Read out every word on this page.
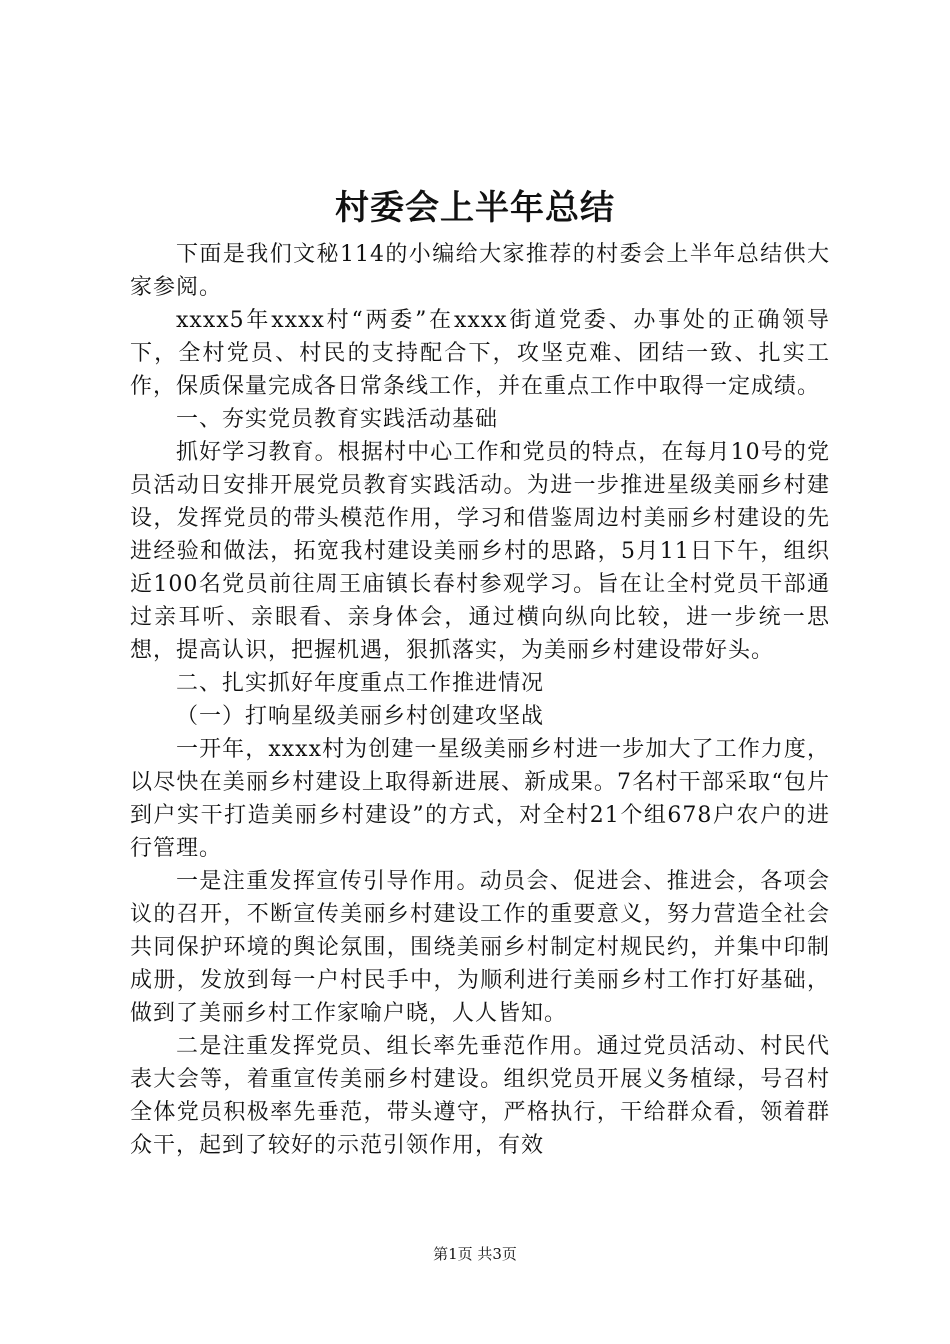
村委会上半年总结

下面是我们文秘114的小编给大家推荐的村委会上半年总结供大家参阅。

xxxx5年xxxx村“两委”在xxxx街道党委、办事处的正确领导下，全村党员、村民的支持配合下，攻坚克难、团结一致、扎实工作，保质保量完成各日常条线工作，并在重点工作中取得一定成绩。

一、夯实党员教育实践活动基础

抓好学习教育。根据村中心工作和党员的特点，在每月10号的党员活动日安排开展党员教育实践活动。为进一步推进星级美丽乡村建设，发挥党员的带头模范作用，学习和借鉴周边村美丽乡村建设的先进经验和做法，拓宽我村建设美丽乡村的思路，5月11日下午，组织近100名党员前往周王庙镇长春村参观学习。旨在让全村党员干部通过亲耳听、亲眼看、亲身体会，通过横向纵向比较，进一步统一思想，提高认识，把握机遇，狠抓落实，为美丽乡村建设带好头。

二、扎实抓好年度重点工作推进情况

（一）打响星级美丽乡村创建攻坚战

一开年，xxxx村为创建一星级美丽乡村进一步加大了工作力度，以尽快在美丽乡村建设上取得新进展、新成果。7名村干部采取“包片到户实干打造美丽乡村建设”的方式，对全村21个组678户农户的进行管理。

一是注重发挥宣传引导作用。动员会、促进会、推进会，各项会议的召开，不断宣传美丽乡村建设工作的重要意义，努力营造全社会共同保护环境的舆论氛围，围绕美丽乡村制定村规民约，并集中印制成册，发放到每一户村民手中，为顺利进行美丽乡村工作打好基础，做到了美丽乡村工作家喻户晓，人人皆知。

二是注重发挥党员、组长率先垂范作用。通过党员活动、村民代表大会等，着重宣传美丽乡村建设。组织党员开展义务植绿，号召村全体党员积极率先垂范，带头遵守，严格执行，干给群众看，领着群众干，起到了较好的示范引领作用，有效

第1页 共3页
